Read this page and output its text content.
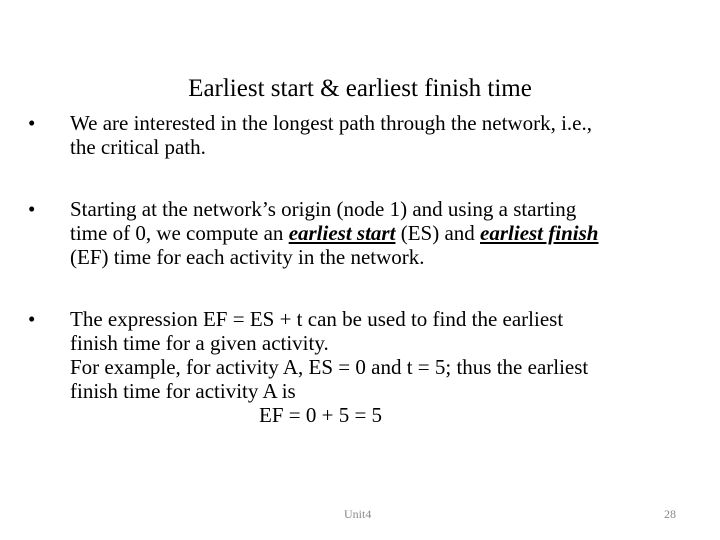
Earliest start & earliest finish time
•	We are interested in the longest path through the network, i.e.,
the critical path.
•	Starting at the network’s origin (node 1) and using a starting
time of 0, we compute an earliest start (ES) and earliest finish
(EF) time for each activity in the network.
•	The expression EF = ES + t can be used to find the earliest
finish time for a given activity.
For example, for activity A, ES = 0 and t = 5; thus the earliest
finish time for activity A is
EF = 0 + 5 = 5
Unit4	28
